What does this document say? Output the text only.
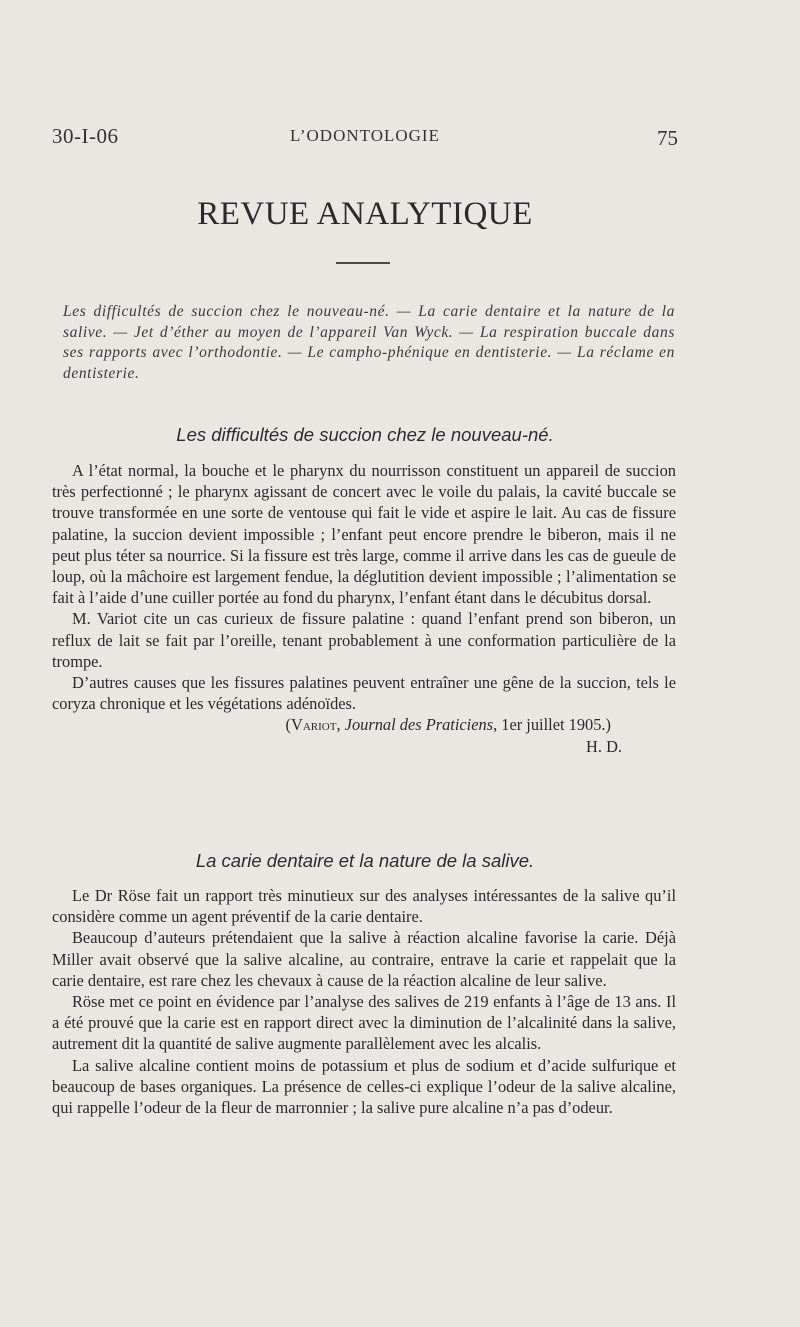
30-I-06	L’ODONTOLOGIE	75
REVUE ANALYTIQUE
Les difficultés de succion chez le nouveau-né. — La carie dentaire et la nature de la salive. — Jet d’éther au moyen de l’appareil Van Wyck. — La respiration buccale dans ses rapports avec l’orthodontie. — Le campho-phénique en dentisterie. — La réclame en dentisterie.
Les difficultés de succion chez le nouveau-né.

A l’état normal, la bouche et le pharynx du nourrisson constituent un appareil de succion très perfectionné ; le pharynx agissant de concert avec le voile du palais, la cavité buccale se trouve transformée en une sorte de ventouse qui fait le vide et aspire le lait. Au cas de fissure palatine, la succion devient impossible ; l’enfant peut encore prendre le biberon, mais il ne peut plus téter sa nourrice. Si la fissure est très large, comme il arrive dans les cas de gueule de loup, où la mâchoire est largement fendue, la déglutition devient impossible ; l’alimentation se fait à l’aide d’une cuiller portée au fond du pharynx, l’enfant étant dans le décubitus dorsal.

M. Variot cite un cas curieux de fissure palatine : quand l’enfant prend son biberon, un reflux de lait se fait par l’oreille, tenant probablement à une conformation particulière de la trompe.

D’autres causes que les fissures palatines peuvent entraîner une gêne de la succion, tels le coryza chronique et les végétations adénoïdes.

(Variot, Journal des Praticiens, 1er juillet 1905.)

H. D.

La carie dentaire et la nature de la salive.

Le Dr Röse fait un rapport très minutieux sur des analyses intéressantes de la salive qu’il considère comme un agent préventif de la carie dentaire.

Beaucoup d’auteurs prétendaient que la salive à réaction alcaline favorise la carie. Déjà Miller avait observé que la salive alcaline, au contraire, entrave la carie et rappelait que la carie dentaire, est rare chez les chevaux à cause de la réaction alcaline de leur salive.

Röse met ce point en évidence par l’analyse des salives de 219 enfants à l’âge de 13 ans. Il a été prouvé que la carie est en rapport direct avec la diminution de l’alcalinité dans la salive, autrement dit la quantité de salive augmente parallèlement avec les alcalis.

La salive alcaline contient moins de potassium et plus de sodium et d’acide sulfurique et beaucoup de bases organiques. La présence de celles-ci explique l’odeur de la salive alcaline, qui rappelle l’odeur de la fleur de marronnier ; la salive pure alcaline n’a pas d’odeur.
